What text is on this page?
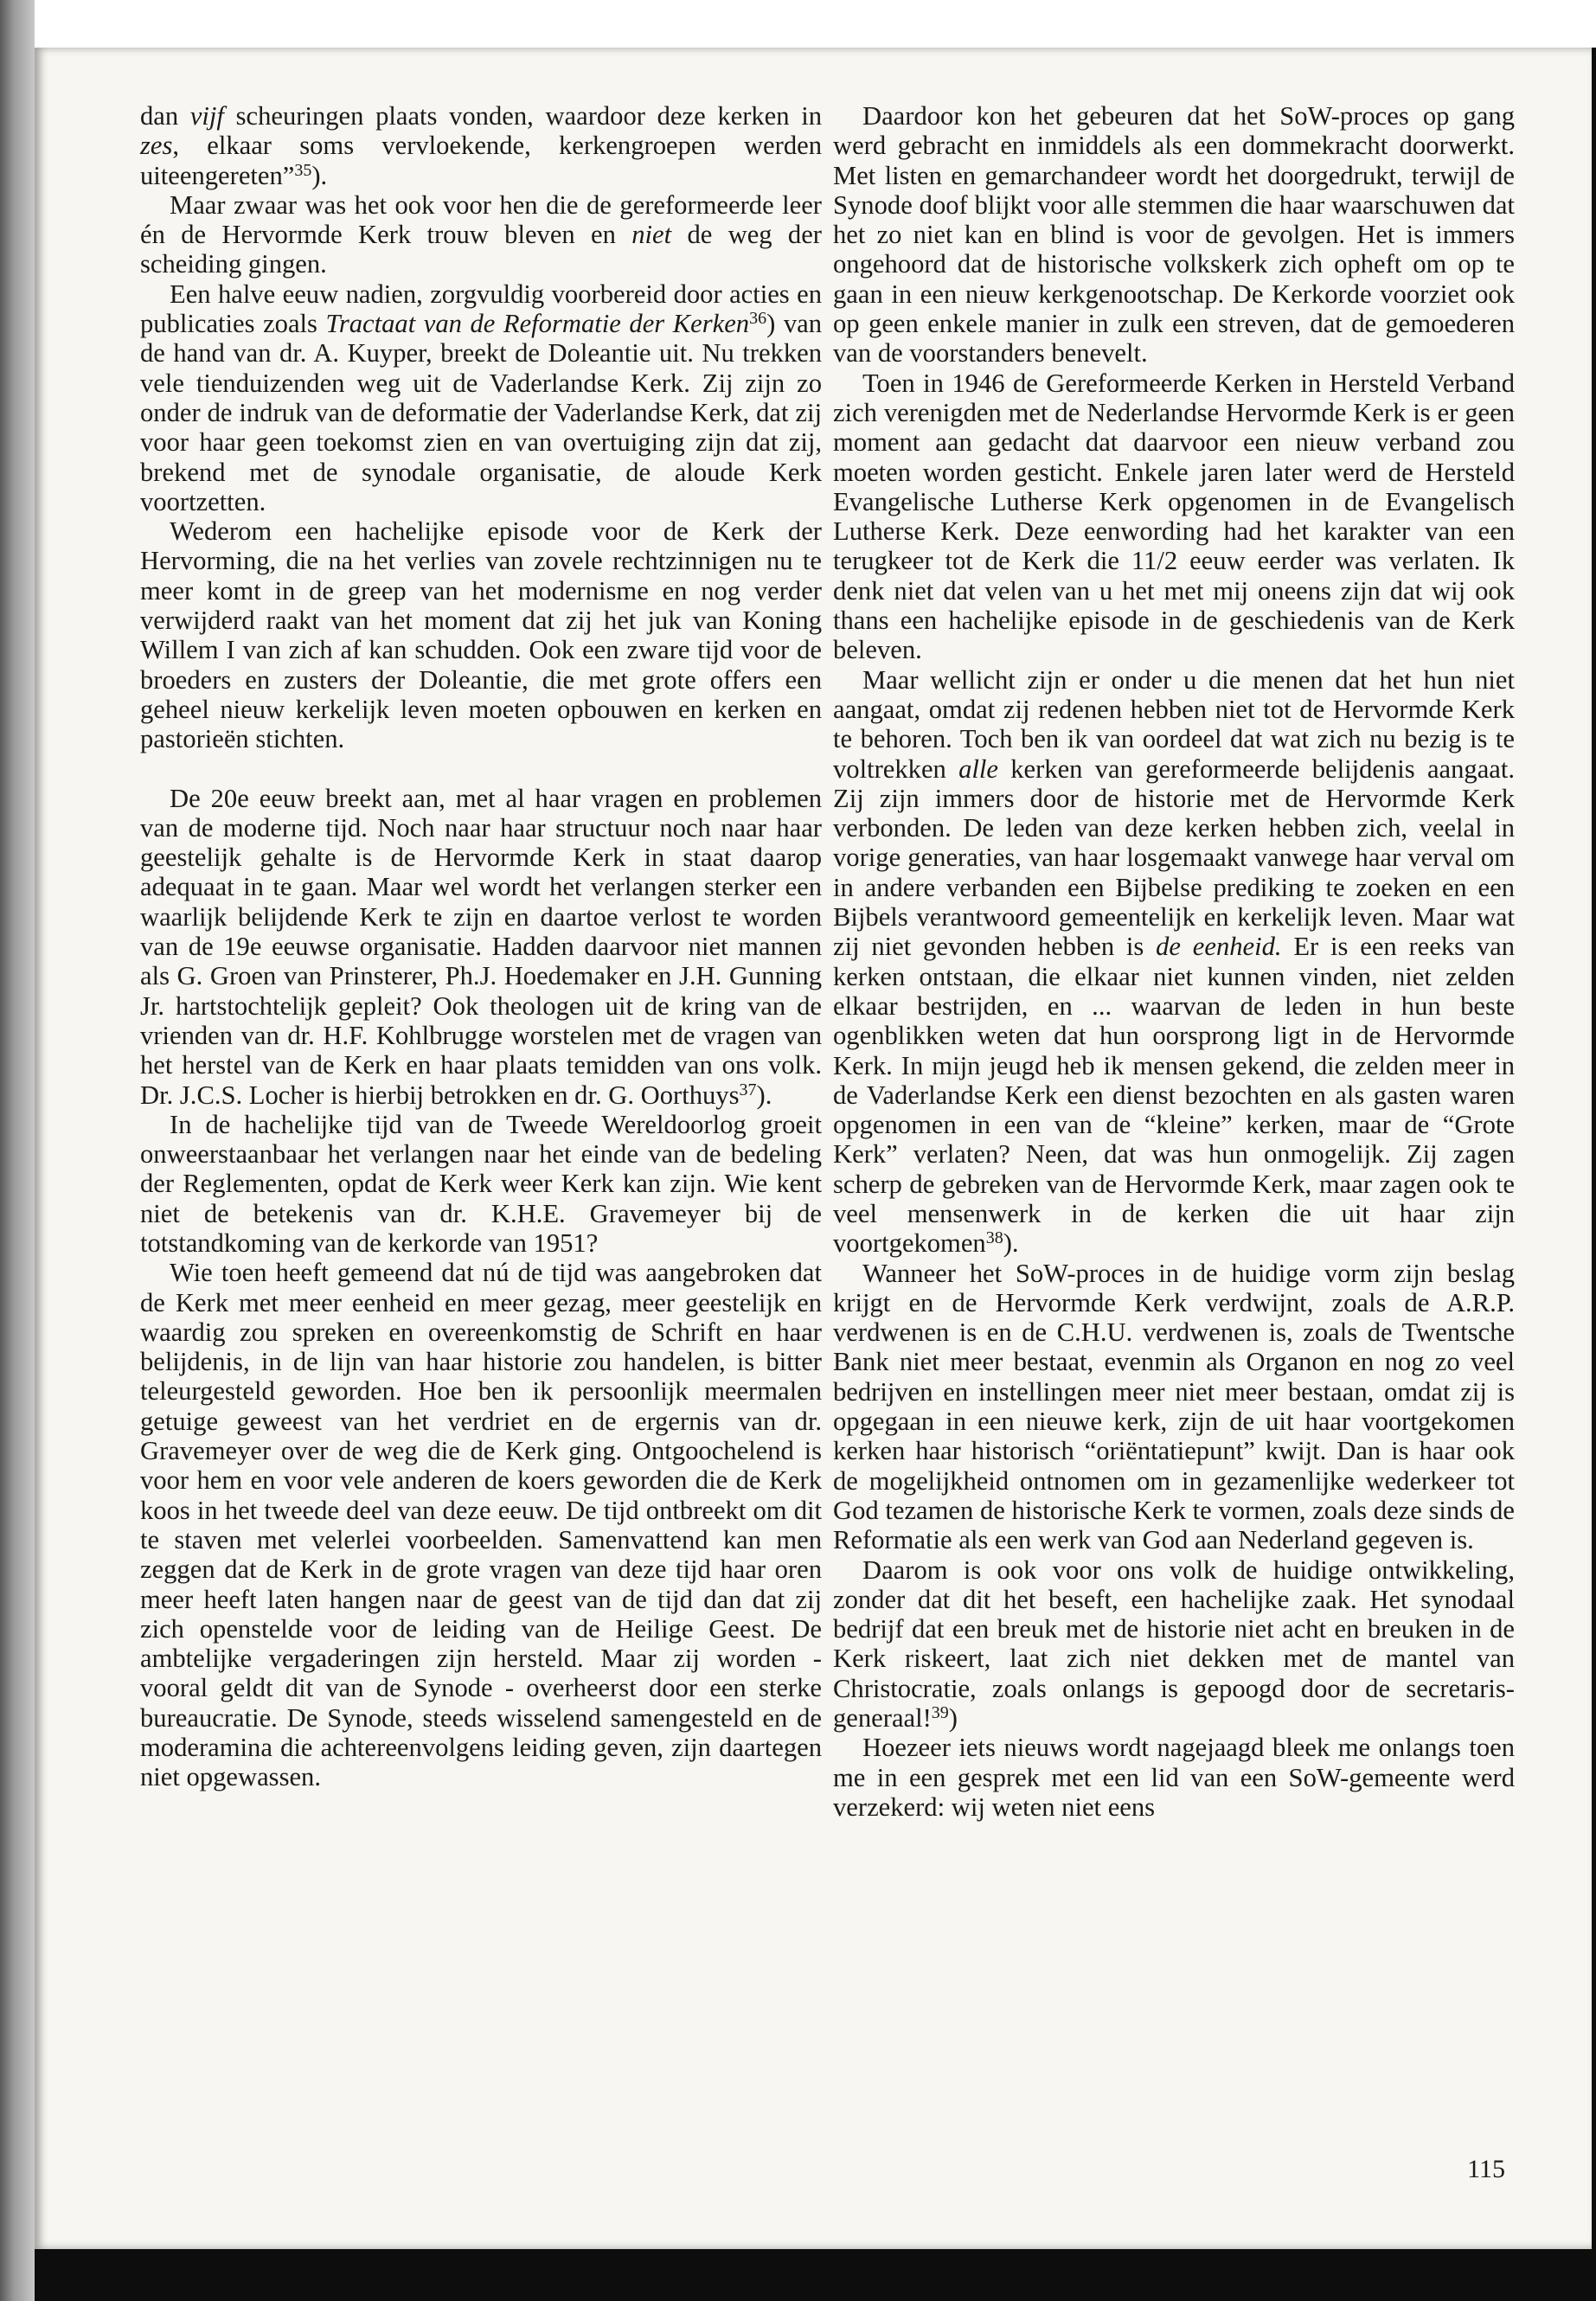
dan vijf scheuringen plaats vonden, waardoor deze kerken in zes, elkaar soms vervloekende, kerkengroepen werden uiteengereten”$^{35}$).

Maar zwaar was het ook voor hen die de gereformeerde leer én de Hervormde Kerk trouw bleven en niet de weg der scheiding gingen.

Een halve eeuw nadien, zorgvuldig voorbereid door acties en publicaties zoals Tractaat van de Reformatie der Kerken$^{36}$) van de hand van dr. A. Kuyper, breekt de Doleantie uit. Nu trekken vele tienduizenden weg uit de Vaderlandse Kerk. Zij zijn zo onder de indruk van de deformatie der Vaderlandse Kerk, dat zij voor haar geen toekomst zien en van overtuiging zijn dat zij, brekend met de synodale organisatie, de aloude Kerk voortzetten.

Wederom een hachelijke episode voor de Kerk der Hervorming, die na het verlies van zovele rechtzinnigen nu te meer komt in de greep van het modernisme en nog verder verwijderd raakt van het moment dat zij het juk van Koning Willem I van zich af kan schudden. Ook een zware tijd voor de broeders en zusters der Doleantie, die met grote offers een geheel nieuw kerkelijk leven moeten opbouwen en kerken en pastorieën stichten.

De 20e eeuw breekt aan, met al haar vragen en problemen van de moderne tijd. Noch naar haar structuur noch naar haar geestelijk gehalte is de Hervormde Kerk in staat daarop adequaat in te gaan. Maar wel wordt het verlangen sterker een waarlijk belijdende Kerk te zijn en daartoe verlost te worden van de 19e eeuwse organisatie. Hadden daarvoor niet mannen als G. Groen van Prinsterer, Ph.J. Hoedemaker en J.H. Gunning Jr. hartstochtelijk gepleit? Ook theologen uit de kring van de vrienden van dr. H.F. Kohlbrugge worstelen met de vragen van het herstel van de Kerk en haar plaats temidden van ons volk. Dr. J.C.S. Locher is hierbij betrokken en dr. G. Oorthuys$^{37}$).

In de hachelijke tijd van de Tweede Wereldoorlog groeit onweerstaanbaar het verlangen naar het einde van de bedeling der Reglementen, opdat de Kerk weer Kerk kan zijn. Wie kent niet de betekenis van dr. K.H.E. Gravemeyer bij de totstandkoming van de kerkorde van 1951?

Wie toen heeft gemeend dat nú de tijd was aangebroken dat de Kerk met meer eenheid en meer gezag, meer geestelijk en waardig zou spreken en overeenkomstig de Schrift en haar belijdenis, in de lijn van haar historie zou handelen, is bitter teleurgesteld geworden. Hoe ben ik persoonlijk meermalen getuige geweest van het verdriet en de ergernis van dr. Gravemeyer over de weg die de Kerk ging. Ontgoochelend is voor hem en voor vele anderen de koers geworden die de Kerk koos in het tweede deel van deze eeuw. De tijd ontbreekt om dit te staven met velerlei voorbeelden. Samenvattend kan men zeggen dat de Kerk in de grote vragen van deze tijd haar oren meer heeft laten hangen naar de geest van de tijd dan dat zij zich openstelde voor de leiding van de Heilige Geest. De ambtelijke vergaderingen zijn hersteld. Maar zij worden - vooral geldt dit van de Synode - overheerst door een sterke bureaucratie. De Synode, steeds wisselend samengesteld en de moderamina die achtereenvolgens leiding geven, zijn daartegen niet opgewassen.

Daardoor kon het gebeuren dat het SoW-proces op gang werd gebracht en inmiddels als een dommekracht doorwerkt. Met listen en gemarchandeer wordt het doorgedrukt, terwijl de Synode doof blijkt voor alle stemmen die haar waarschuwen dat het zo niet kan en blind is voor de gevolgen. Het is immers ongehoord dat de historische volkskerk zich opheft om op te gaan in een nieuw kerkgenootschap. De Kerkorde voorziet ook op geen enkele manier in zulk een streven, dat de gemoederen van de voorstanders benevelt.

Toen in 1946 de Gereformeerde Kerken in Hersteld Verband zich verenigden met de Nederlandse Hervormde Kerk is er geen moment aan gedacht dat daarvoor een nieuw verband zou moeten worden gesticht. Enkele jaren later werd de Hersteld Evangelische Lutherse Kerk opgenomen in de Evangelisch Lutherse Kerk. Deze eenwording had het karakter van een terugkeer tot de Kerk die 11/2 eeuw eerder was verlaten. Ik denk niet dat velen van u het met mij oneens zijn dat wij ook thans een hachelijke episode in de geschiedenis van de Kerk beleven.

Maar wellicht zijn er onder u die menen dat het hun niet aangaat, omdat zij redenen hebben niet tot de Hervormde Kerk te behoren. Toch ben ik van oordeel dat wat zich nu bezig is te voltrekken alle kerken van gereformeerde belijdenis aangaat. Zij zijn immers door de historie met de Hervormde Kerk verbonden. De leden van deze kerken hebben zich, veelal in vorige generaties, van haar losgemaakt vanwege haar verval om in andere verbanden een Bijbelse prediking te zoeken en een Bijbels verantwoord gemeentelijk en kerkelijk leven. Maar wat zij niet gevonden hebben is de eenheid. Er is een reeks van kerken ontstaan, die elkaar niet kunnen vinden, niet zelden elkaar bestrijden, en ... waarvan de leden in hun beste ogenblikken weten dat hun oorsprong ligt in de Hervormde Kerk. In mijn jeugd heb ik mensen gekend, die zelden meer in de Vaderlandse Kerk een dienst bezochten en als gasten waren opgenomen in een van de “kleine” kerken, maar de “Grote Kerk” verlaten? Neen, dat was hun onmogelijk. Zij zagen scherp de gebreken van de Hervormde Kerk, maar zagen ook te veel mensenwerk in de kerken die uit haar zijn voortgekomen$^{38}$).

Wanneer het SoW-proces in de huidige vorm zijn beslag krijgt en de Hervormde Kerk verdwijnt, zoals de A.R.P. verdwenen is en de C.H.U. verdwenen is, zoals de Twentsche Bank niet meer bestaat, evenmin als Organon en nog zo veel bedrijven en instellingen meer niet meer bestaan, omdat zij is opgegaan in een nieuwe kerk, zijn de uit haar voortgekomen kerken haar historisch “oriëntatiepunt” kwijt. Dan is haar ook de mogelijkheid ontnomen om in gezamenlijke wederkeer tot God tezamen de historische Kerk te vormen, zoals deze sinds de Reformatie als een werk van God aan Nederland gegeven is.

Daarom is ook voor ons volk de huidige ontwikkeling, zonder dat dit het beseft, een hachelijke zaak. Het synodaal bedrijf dat een breuk met de historie niet acht en breuken in de Kerk riskeert, laat zich niet dekken met de mantel van Christocratie, zoals onlangs is gepoogd door de secretaris-generaal!$^{39}$)

Hoezeer iets nieuws wordt nagejaagd bleek me onlangs toen me in een gesprek met een lid van een SoW-gemeente werd verzekerd: wij weten niet eens

115
